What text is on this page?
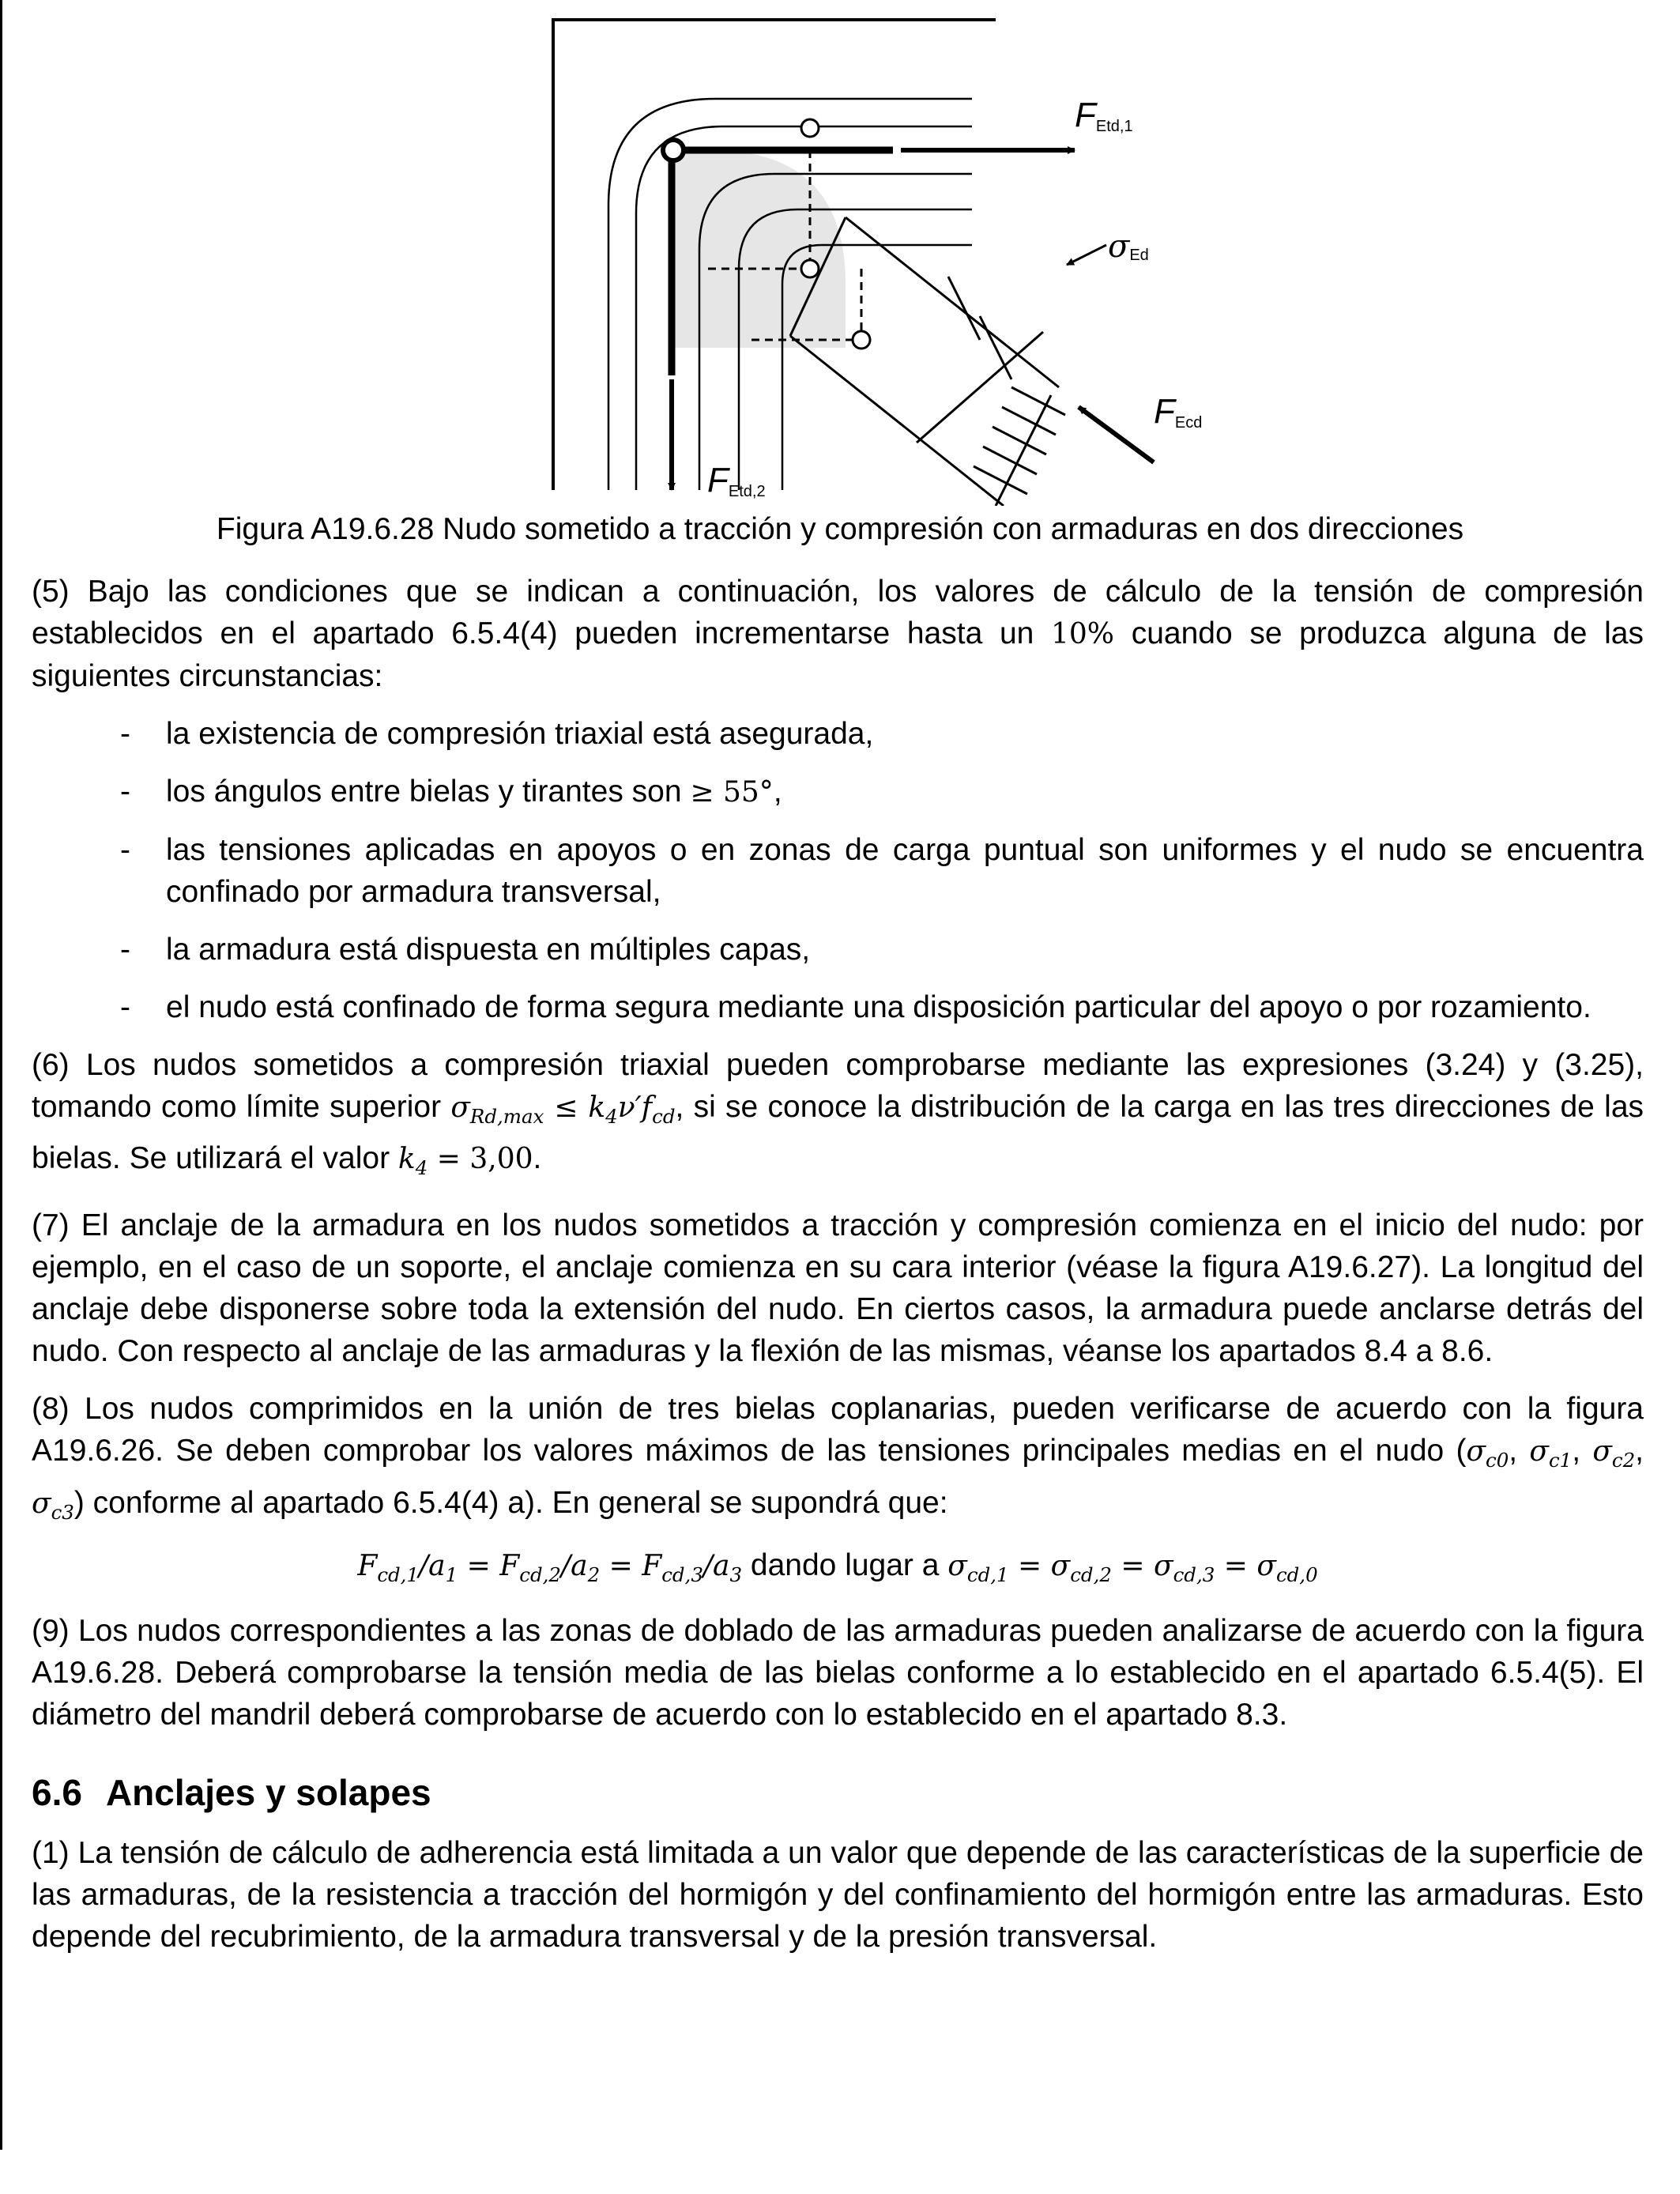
FEtd,1
σEd
FEcd
FEtd,2
Figura A19.6.28 Nudo sometido a tracción y compresión con armaduras en dos direcciones

(5) Bajo las condiciones que se indican a continuación, los valores de cálculo de la tensión de compresión establecidos en el apartado 6.5.4(4) pueden incrementarse hasta un 10% cuando se produzca alguna de las siguientes circunstancias:

- la existencia de compresión triaxial está asegurada,
- los ángulos entre bielas y tirantes son ≥ 55°,
- las tensiones aplicadas en apoyos o en zonas de carga puntual son uniformes y el nudo se encuentra confinado por armadura transversal,
- la armadura está dispuesta en múltiples capas,
- el nudo está confinado de forma segura mediante una disposición particular del apoyo o por rozamiento.

(6) Los nudos sometidos a compresión triaxial pueden comprobarse mediante las expresiones (3.24) y (3.25), tomando como límite superior $\sigma_{Rd,max} \le k_4\nu'f_{cd}$, si se conoce la distribución de la carga en las tres direcciones de las bielas. Se utilizará el valor $k_4 = 3,00$.

(7) El anclaje de la armadura en los nudos sometidos a tracción y compresión comienza en el inicio del nudo: por ejemplo, en el caso de un soporte, el anclaje comienza en su cara interior (véase la figura A19.6.27). La longitud del anclaje debe disponerse sobre toda la extensión del nudo. En ciertos casos, la armadura puede anclarse detrás del nudo. Con respecto al anclaje de las armaduras y la flexión de las mismas, véanse los apartados 8.4 a 8.6.

(8) Los nudos comprimidos en la unión de tres bielas coplanarias, pueden verificarse de acuerdo con la figura A19.6.26. Se deben comprobar los valores máximos de las tensiones principales medias en el nudo ($\sigma_{c0}$, $\sigma_{c1}$, $\sigma_{c2}$, $\sigma_{c3}$) conforme al apartado 6.5.4(4) a). En general se supondrá que:

$F_{cd,1}/a_1 = F_{cd,2}/a_2 = F_{cd,3}/a_3$ dando lugar a $\sigma_{cd,1} = \sigma_{cd,2} = \sigma_{cd,3} = \sigma_{cd,0}$

(9) Los nudos correspondientes a las zonas de doblado de las armaduras pueden analizarse de acuerdo con la figura A19.6.28. Deberá comprobarse la tensión media de las bielas conforme a lo establecido en el apartado 6.5.4(5). El diámetro del mandril deberá comprobarse de acuerdo con lo establecido en el apartado 8.3.

6.6 Anclajes y solapes

(1) La tensión de cálculo de adherencia está limitada a un valor que depende de las características de la superficie de las armaduras, de la resistencia a tracción del hormigón y del confinamiento del hormigón entre las armaduras. Esto depende del recubrimiento, de la armadura transversal y de la presión transversal.
